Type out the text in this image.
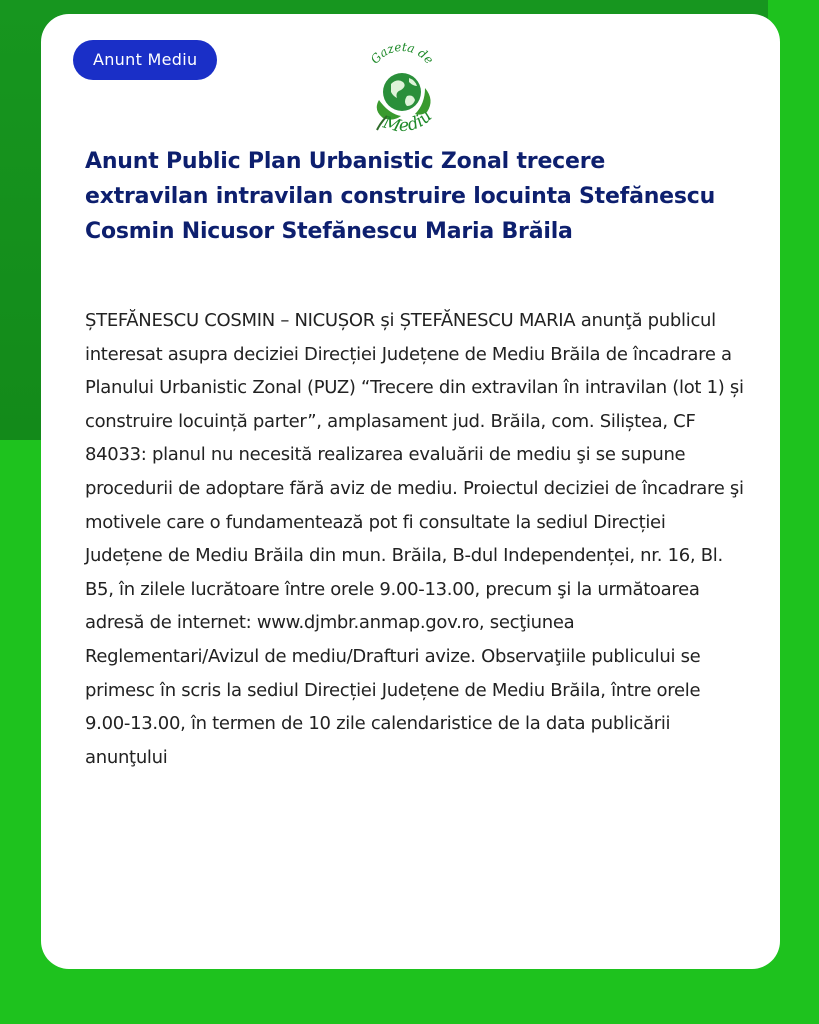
Anunt Mediu	Gazeta de
Mediu
Anunt Public Plan Urbanistic Zonal trecere extravilan intravilan construire locuinta Stefănescu Cosmin Nicusor Stefănescu Maria Brăila

ȘTEFĂNESCU COSMIN – NICUȘOR și ȘTEFĂNESCU MARIA anunţă publicul interesat asupra deciziei Direcției Județene de Mediu Brăila de încadrare a Planului Urbanistic Zonal (PUZ) “Trecere din extravilan în intravilan (lot 1) și construire locuință parter”, amplasament jud. Brăila, com. Siliștea, CF 84033: planul nu necesită realizarea evaluării de mediu şi se supune procedurii de adoptare fără aviz de mediu. Proiectul deciziei de încadrare şi motivele care o fundamentează pot fi consultate la sediul Direcției Județene de Mediu Brăila din mun. Brăila, B-dul Independenței, nr. 16, Bl. B5, în zilele lucrătoare între orele 9.00-13.00, precum şi la următoarea adresă de internet: www.djmbr.anmap.gov.ro, secţiunea Reglementari/Avizul de mediu/Drafturi avize. Observaţiile publicului se primesc în scris la sediul Direcției Județene de Mediu Brăila, între orele 9.00-13.00, în termen de 10 zile calendaristice de la data publicării anunţului
